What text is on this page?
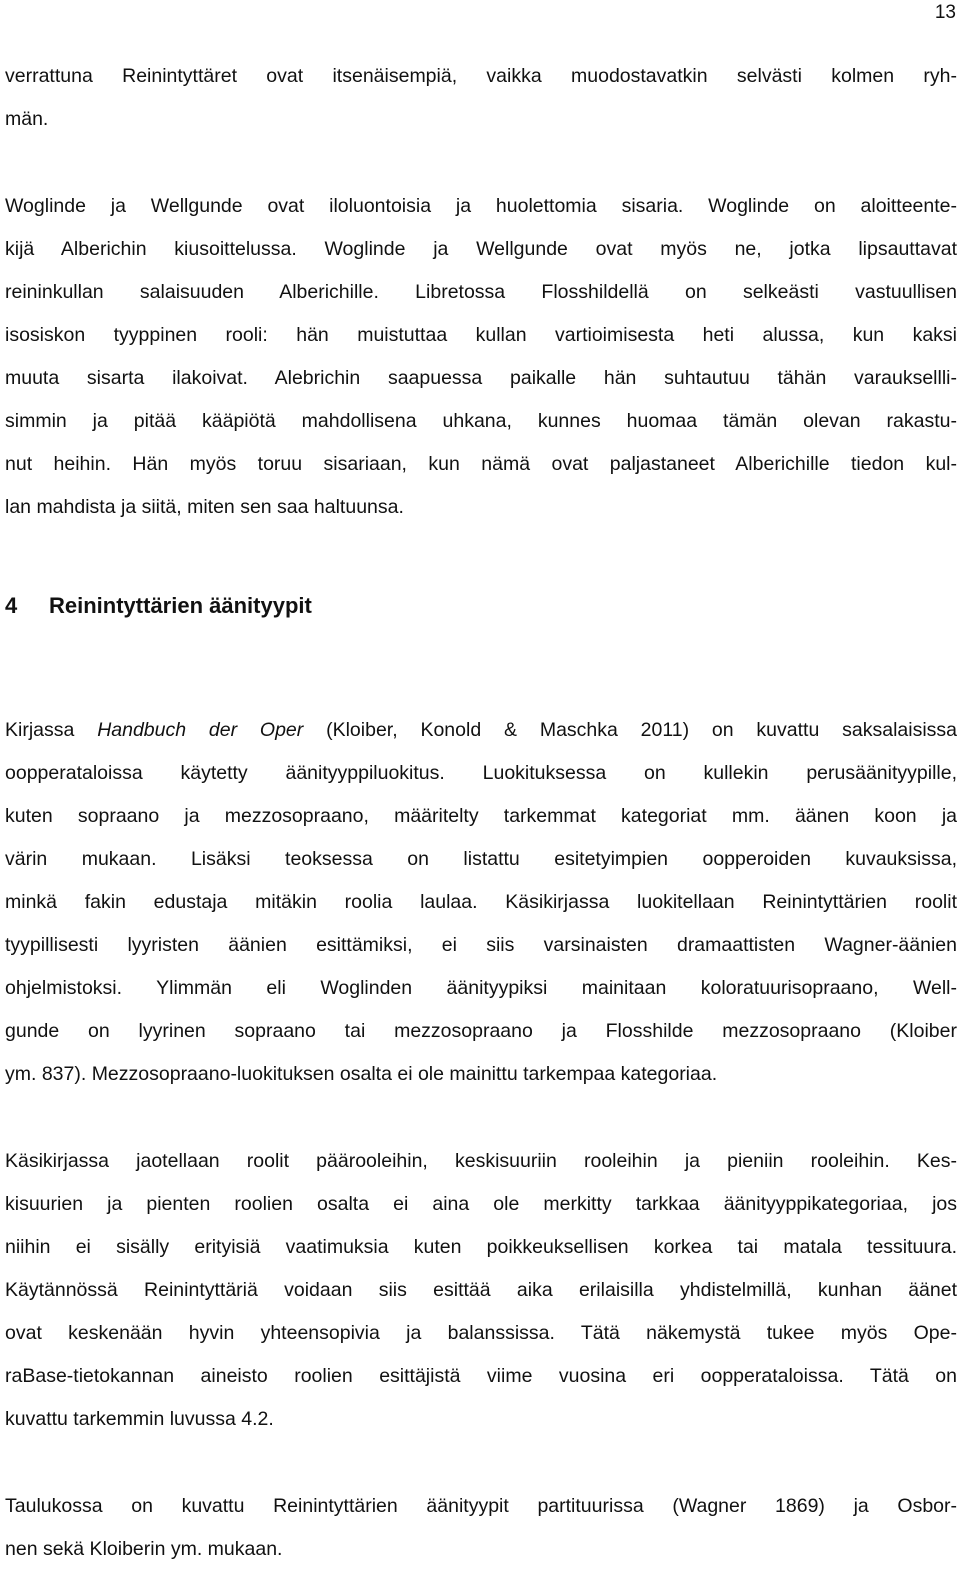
13

verrattuna Reinintyttäret ovat itsenäisempiä, vaikka muodostavatkin selvästi kolmen ryh-
män.

Woglinde ja Wellgunde ovat iloluontoisia ja huolettomia sisaria. Woglinde on aloitteente-
kijä Alberichin kiusoittelussa. Woglinde ja Wellgunde ovat myös ne, jotka lipsauttavat
reininkullan salaisuuden Alberichille. Libretossa Flosshildellä on selkeästi vastuullisen
isosiskon tyyppinen rooli: hän muistuttaa kullan vartioimisesta heti alussa, kun kaksi
muuta sisarta ilakoivat. Alebrichin saapuessa paikalle hän suhtautuu tähän varauksellli-
simmin ja pitää kääpiötä mahdollisena uhkana, kunnes huomaa tämän olevan rakastu-
nut heihin. Hän myös toruu sisariaan, kun nämä ovat paljastaneet Alberichille tiedon kul-
lan mahdista ja siitä, miten sen saa haltuunsa.

4 Reinintyttärien äänityypit

Kirjassa Handbuch der Oper (Kloiber, Konold & Maschka 2011) on kuvattu saksalaisissa
oopperataloissa käytetty äänityyppiluokitus. Luokituksessa on kullekin perusäänityypille,
kuten sopraano ja mezzosopraano, määritelty tarkemmat kategoriat mm. äänen koon ja
värin mukaan. Lisäksi teoksessa on listattu esitetyimpien oopperoiden kuvauksissa,
minkä fakin edustaja mitäkin roolia laulaa. Käsikirjassa luokitellaan Reinintyttärien roolit
tyypillisesti lyyristen äänien esittämiksi, ei siis varsinaisten dramaattisten Wagner-äänien
ohjelmistoksi. Ylimmän eli Woglinden äänityypiksi mainitaan koloratuurisopraano, Well-
gunde on lyyrinen sopraano tai mezzosopraano ja Flosshilde mezzosopraano (Kloiber
ym. 837). Mezzosopraano-luokituksen osalta ei ole mainittu tarkempaa kategoriaa.

Käsikirjassa jaotellaan roolit päärooleihin, keskisuuriin rooleihin ja pieniin rooleihin. Kes-
kisuurien ja pienten roolien osalta ei aina ole merkitty tarkkaa äänityyppikategoriaa, jos
niihin ei sisälly erityisiä vaatimuksia kuten poikkeuksellisen korkea tai matala tessituura.
Käytännössä Reinintyttäriä voidaan siis esittää aika erilaisilla yhdistelmillä, kunhan äänet
ovat keskenään hyvin yhteensopivia ja balanssissa. Tätä näkemystä tukee myös Ope-
raBase-tietokannan aineisto roolien esittäjistä viime vuosina eri oopperataloissa. Tätä on
kuvattu tarkemmin luvussa 4.2.

Taulukossa on kuvattu Reinintyttärien äänityypit partituurissa (Wagner 1869) ja Osbor-
nen sekä Kloiberin ym. mukaan.
